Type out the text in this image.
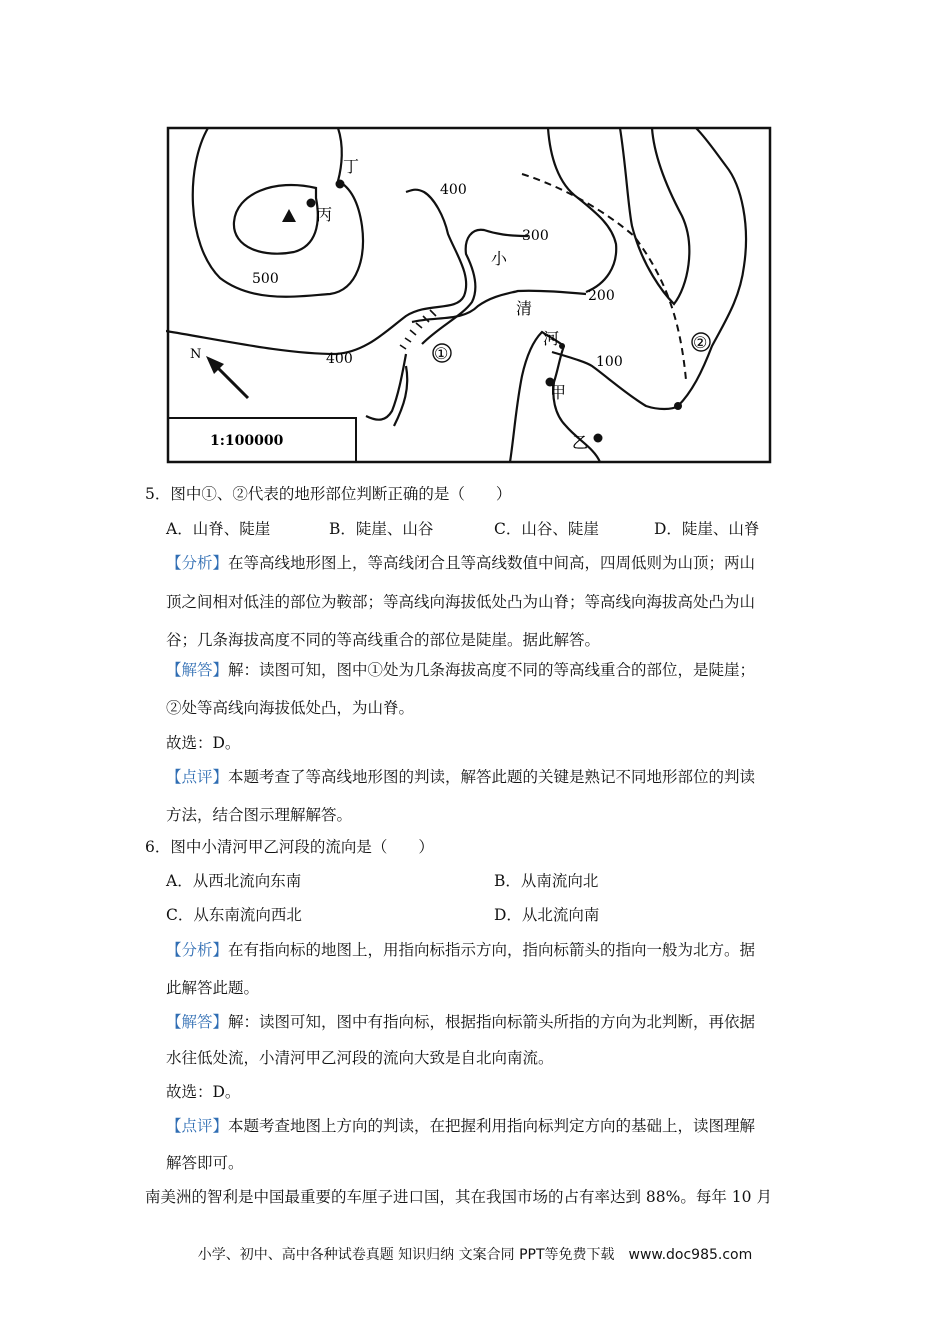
丁
丙
500
400
400
300
200
100
小
清
河
甲
乙
N
1:100000
①
②
5．图中①、②代表的地形部位判断正确的是（　　）
A．山脊、陡崖	B．陡崖、山谷	C．山谷、陡崖	D．陡崖、山脊
【分析】在等高线地形图上，等高线闭合且等高线数值中间高，四周低则为山顶；两山
顶之间相对低洼的部位为鞍部；等高线向海拔低处凸为山脊；等高线向海拔高处凸为山
谷；几条海拔高度不同的等高线重合的部位是陡崖。据此解答。
【解答】解：读图可知，图中①处为几条海拔高度不同的等高线重合的部位，是陡崖；
②处等高线向海拔低处凸，为山脊。
故选：D。
【点评】本题考查了等高线地形图的判读，解答此题的关键是熟记不同地形部位的判读
方法，结合图示理解解答。
6．图中小清河甲乙河段的流向是（　　）
A．从西北流向东南	B．从南流向北
C．从东南流向西北	D．从北流向南
【分析】在有指向标的地图上，用指向标指示方向，指向标箭头的指向一般为北方。据
此解答此题。
【解答】解：读图可知，图中有指向标，根据指向标箭头所指的方向为北判断，再依据
水往低处流，小清河甲乙河段的流向大致是自北向南流。
故选：D。
【点评】本题考查地图上方向的判读，在把握利用指向标判定方向的基础上，读图理解
解答即可。
南美洲的智利是中国最重要的车厘子进口国，其在我国市场的占有率达到 88%。每年 10 月
小学、初中、高中各种试卷真题 知识归纳 文案合同 PPT等免费下载　www.doc985.com
